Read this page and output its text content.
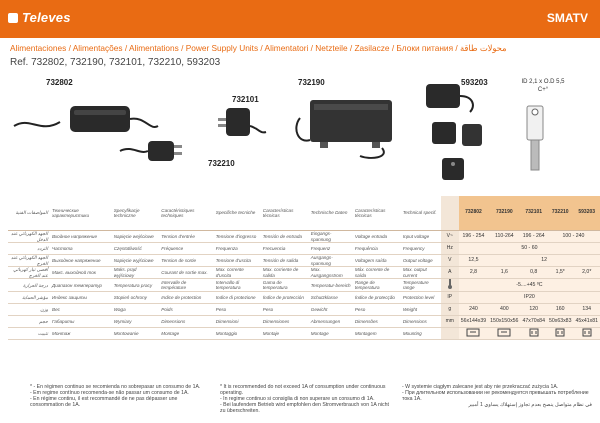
Televes	SMATV
Alimentaciones / Alimentações / Alimentations / Power Supply Units / Alimentatori / Netzteile / Zasilacze / Блоки питания / محولات طاقة
Ref. 732802, 732190, 732101, 732210, 593203
732802
732101
732190	593203
732210
ID 2,1 x O.D 5,5
C+°
المواصفات الفنية	Технические характеристики	Specyfikacje techniczne	Caractéristiques techniques	Specifiche tecniche	Características técnicas	Technische Daten	Características técnicas	Technical specif.		732802	732190	732101	732210	593203
الجهد الكهربائي عند الدخل	Входное напряжение	Napięcie wejściowe	Tension d'entrée	Tensione d'ingresso	Tensión de entrada	Eingangs-spannung	Voltage entrada	Input voltage	V~	196 - 254	110-264	196 - 264	100 - 240	
التردد	Частота	Częstotliwość	Fréquence	Frequenza	Frecuencia	Frequenz	Frequência	Frequency	Hz	50 - 60				
الجهد الكهربائي عند الخرج	Выходное напряжение	Napięcie wyjściowe	Tension de sortie	Tensione d'uscita	Tensión de salida	Ausgangs-spannung	Voltagem saída	Output voltage	V	12,5	12			
أقصى تيار كهربائي عند الخرج	Макс. выходной ток	Maks. prąd wyjściowy	Courant de sortie max.	Max. corrente d'uscita	Max. corriente de salida	Max. Ausgangsstrom	Máx. corrente de saída	Max. output current	A	2,8	1,6	0,8	1,5*	2,0*
درجة الحرارة	Диапазон температур	Temperatura pracy	Intervalle de température	Intervallo di temperatura	Gama de temperatura	Temperatur-bereich	Range de temperatura	Temperature range		-5....+45 ºC				
مؤشر الحماية	Индекс защиты	Stopień ochrony	Indice de protection	Indice di protezione	Índice de protección	Schutzklasse	Índice de protecção	Protection level	IP	IP20				
وزن	Вес	Waga	Poids	Peso	Peso	Gewicht	Peso	Weight	g	240	400	120	160	134
حجم	Габариты	Wymiary	Dimensions	Dimensioni	Dimensiones	Abmessungen	Dimensões	Dimensions	mm	56x144x39	150x150x56	47x70x84	50x63x83	45x41x81
تثبيت	Монтаж	Montowanie	Montage	Montaggio	Montaje	Montage	Montagem	Mounting						
* - En régimen continuo se recomienda no sobrepasar un consumo de 1A.
- Em regime contínuo recomenda-se não passar um consumo de 1A.
- En régime continu, il est recommandé de ne pas dépasser une consommation de 1A.
* It is recommended do not exceed 1A of consumption under continuous operating.
- In regime continuo si consiglia di non superare un consumo di 1A.
- Bei laufendem Betrieb wird empfohlen den Stromverbrauch von 1A nicht zu überschreiten.
- W systemie ciągłym zalecane jest aby nie przekraczać zużycia 1A.
- При длительном использовании не рекомендуется превышать потребление тока 1А.
في نظام متواصل ينصح بعدم تجاوز إستهلاك يساوي 1 أمبير
